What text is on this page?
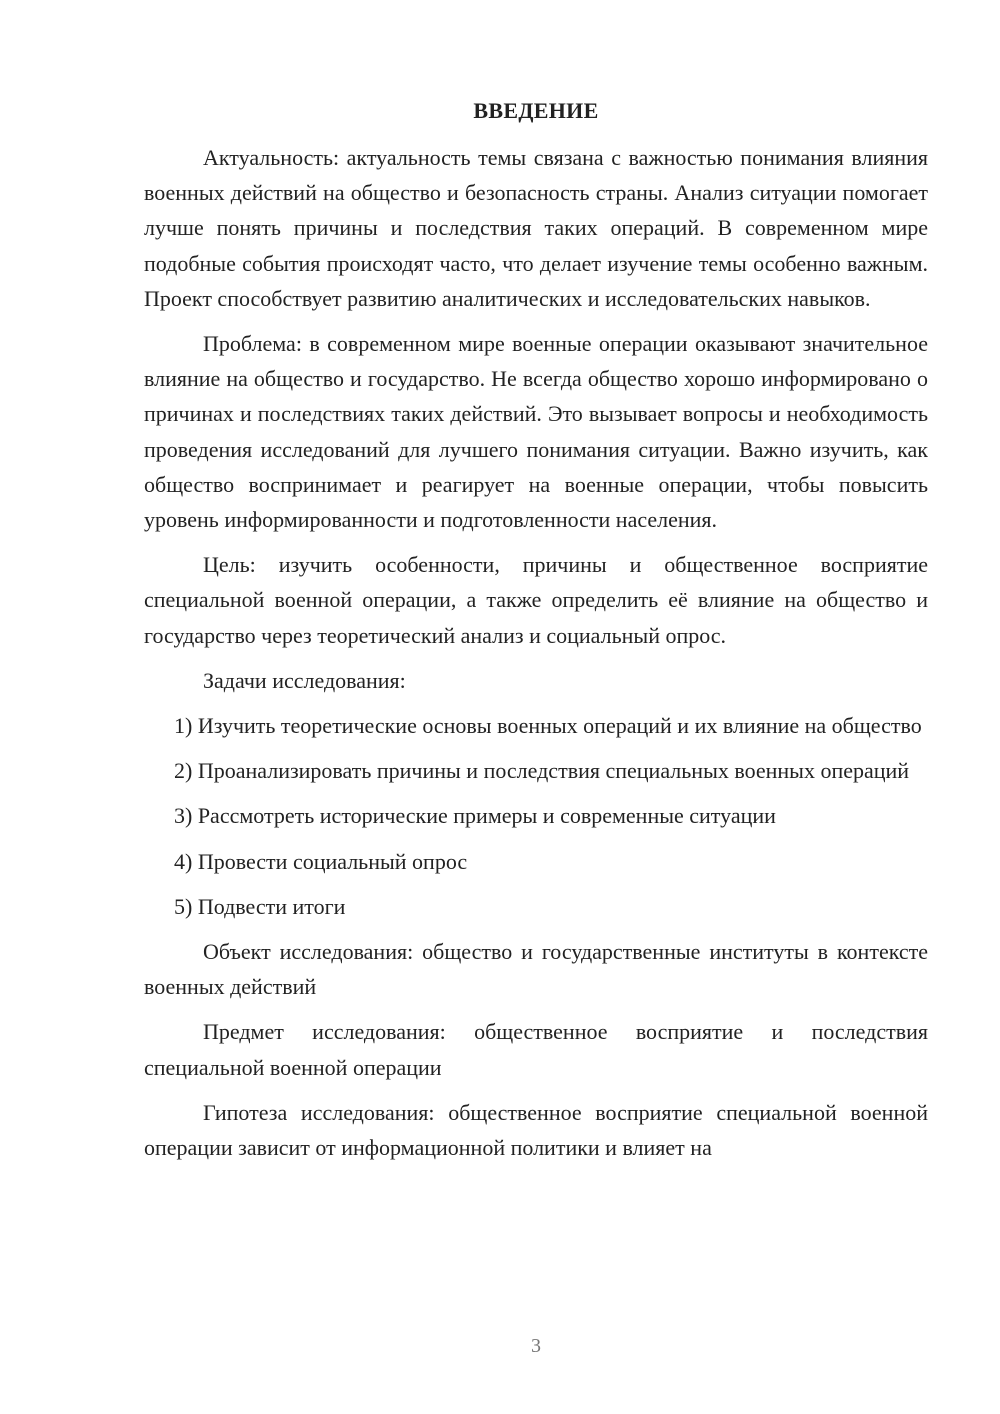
ВВЕДЕНИЕ

Актуальность: актуальность темы связана с важностью понимания влияния военных действий на общество и безопасность страны. Анализ ситуации помогает лучше понять причины и последствия таких операций. В современном мире подобные события происходят часто, что делает изучение темы особенно важным. Проект способствует развитию аналитических и исследовательских навыков.

Проблема: в современном мире военные операции оказывают значительное влияние на общество и государство. Не всегда общество хорошо информировано о причинах и последствиях таких действий. Это вызывает вопросы и необходимость проведения исследований для лучшего понимания ситуации. Важно изучить, как общество воспринимает и реагирует на военные операции, чтобы повысить уровень информированности и подготовленности населения.

Цель: изучить особенности, причины и общественное восприятие специальной военной операции, а также определить её влияние на общество и государство через теоретический анализ и социальный опрос.

Задачи исследования:

1) Изучить теоретические основы военных операций и их влияние на общество

2) Проанализировать причины и последствия специальных военных операций

3) Рассмотреть исторические примеры и современные ситуации

4) Провести социальный опрос

5) Подвести итоги

Объект исследования: общество и государственные институты в контексте военных действий

Предмет исследования: общественное восприятие и последствия специальной военной операции

Гипотеза исследования: общественное восприятие специальной военной операции зависит от информационной политики и влияет на

3
